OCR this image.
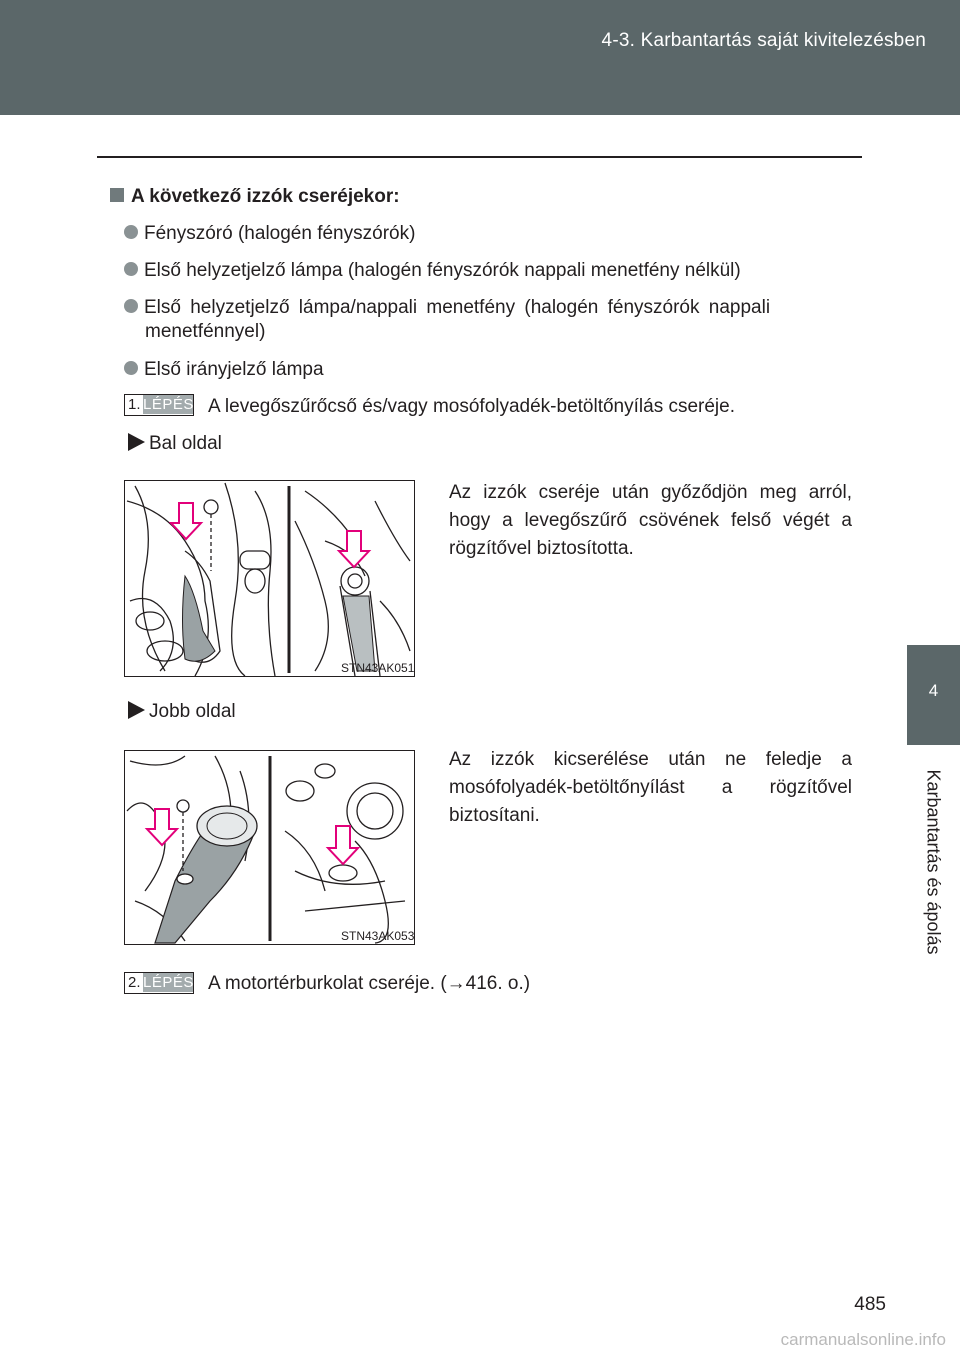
4-3. Karbantartás saját kivitelezésben
4
Karbantartás és ápolás
A következő izzók cseréjekor:
Fényszóró (halogén fényszórók)
Első helyzetjelző lámpa (halogén fényszórók nappali menetfény nélkül)
Első helyzetjelző lámpa/nappali menetfény (halogén fényszórók nappali
menetfénnyel)
Első irányjelző lámpa
1. LÉPÉS A levegőszűrőcső és/vagy mosófolyadék-betöltőnyílás cseréje.
Bal oldal
STN43AK051
Az izzók cseréje után győződjön meg arról, hogy a levegőszűrő csövének felső végét a rögzítővel biztosította.
Jobb oldal
STN43AK053
Az izzók kicserélése után ne feledje a mosófolyadék-betöltőnyílást a rögzítővel biztosítani.
2. LÉPÉS A motortérburkolat cseréje. (→416. o.)
485
carmanualsonline.info
